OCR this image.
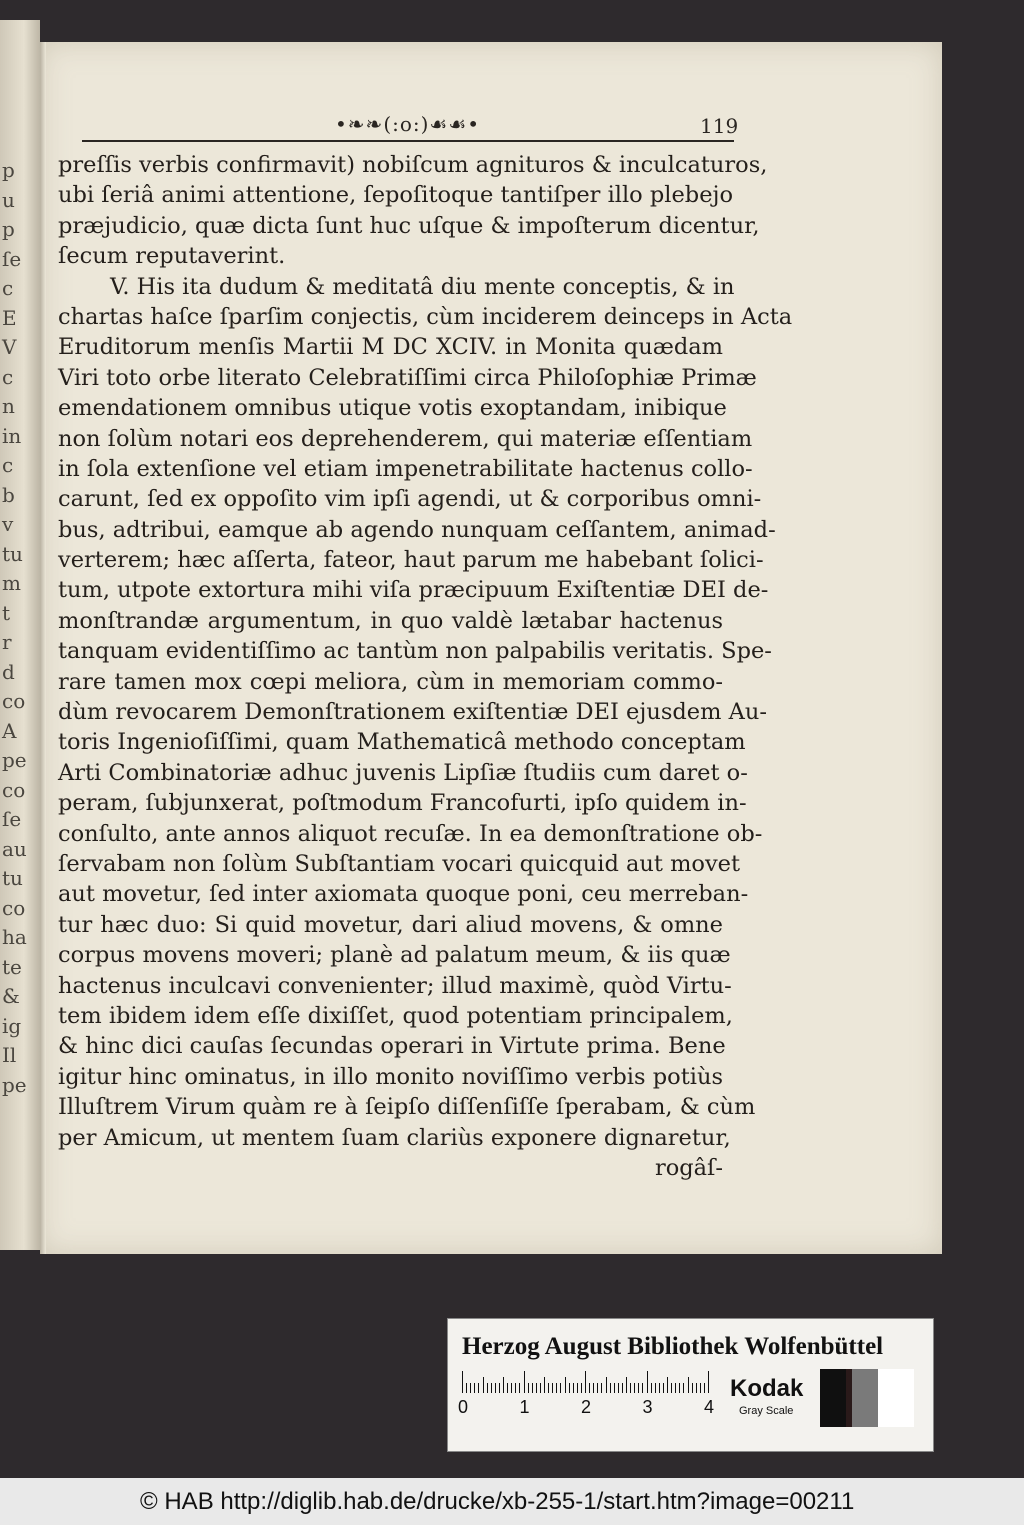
p
u
p
ſe
c
E
V
c
n
in
c
b
v
tu
m
t
r
d
co
A
pe
co
ſe
au
tu
co
ha
te
&
ig
Il
pe
•❧❧(:o:)☙☙•	119
preſſis verbis confirmavit) nobiſcum agnituros & inculcaturos,
ubi ſeriâ animi attentione, ſepoſitoque tantiſper illo plebejo
præjudicio, quæ dicta ſunt huc uſque & impoſterum dicentur,
ſecum reputaverint.
V. His ita dudum & meditatâ diu mente conceptis, & in
chartas haſce ſparſim conjectis, cùm inciderem deinceps in Acta
Eruditorum menſis Martii M DC XCIV. in Monita quædam
Viri toto orbe literato Celebratiſſimi circa Philoſophiæ Primæ
emendationem omnibus utique votis exoptandam, inibique
non ſolùm notari eos deprehenderem, qui materiæ eſſentiam
in ſola extenſione vel etiam impenetrabilitate hactenus collo-
carunt, ſed ex oppoſito vim ipſi agendi, ut & corporibus omni-
bus, adtribui, eamque ab agendo nunquam ceſſantem, animad-
verterem; hæc aſſerta, fateor, haut parum me habebant ſolici-
tum, utpote extortura mihi viſa præcipuum Exiſtentiæ DEI de-
monſtrandæ argumentum, in quo valdè lætabar hactenus
tanquam evidentiſſimo ac tantùm non palpabilis veritatis. Spe-
rare tamen mox cœpi meliora, cùm in memoriam commo-
dùm revocarem Demonſtrationem exiſtentiæ DEI ejusdem Au-
toris Ingenioſiſſimi, quam Mathematicâ methodo conceptam
Arti Combinatoriæ adhuc juvenis Lipſiæ ſtudiis cum daret o-
peram, ſubjunxerat, poſtmodum Francofurti, ipſo quidem in-
conſulto, ante annos aliquot recuſæ. In ea demonſtratione ob-
ſervabam non ſolùm Subſtantiam vocari quicquid aut movet
aut movetur, ſed inter axiomata quoque poni, ceu merreban-
tur hæc duo: Si quid movetur, dari aliud movens, & omne
corpus movens moveri; planè ad palatum meum, & iis quæ
hactenus inculcavi convenienter; illud maximè, quòd Virtu-
tem ibidem idem eſſe dixiſſet, quod potentiam principalem,
& hinc dici cauſas ſecundas operari in Virtute prima. Bene
igitur hinc ominatus, in illo monito noviſſimo verbis potiùs
Illuſtrem Virum quàm re à ſeipſo diſſenſiſſe ſperabam, & cùm
per Amicum, ut mentem ſuam clariùs exponere dignaretur,
rogâſ-
Herzog August Bibliothek Wolfenbüttel
0	1	2	3	4
Kodak
Gray Scale
© HAB http://diglib.hab.de/drucke/xb-255-1/start.htm?image=00211
